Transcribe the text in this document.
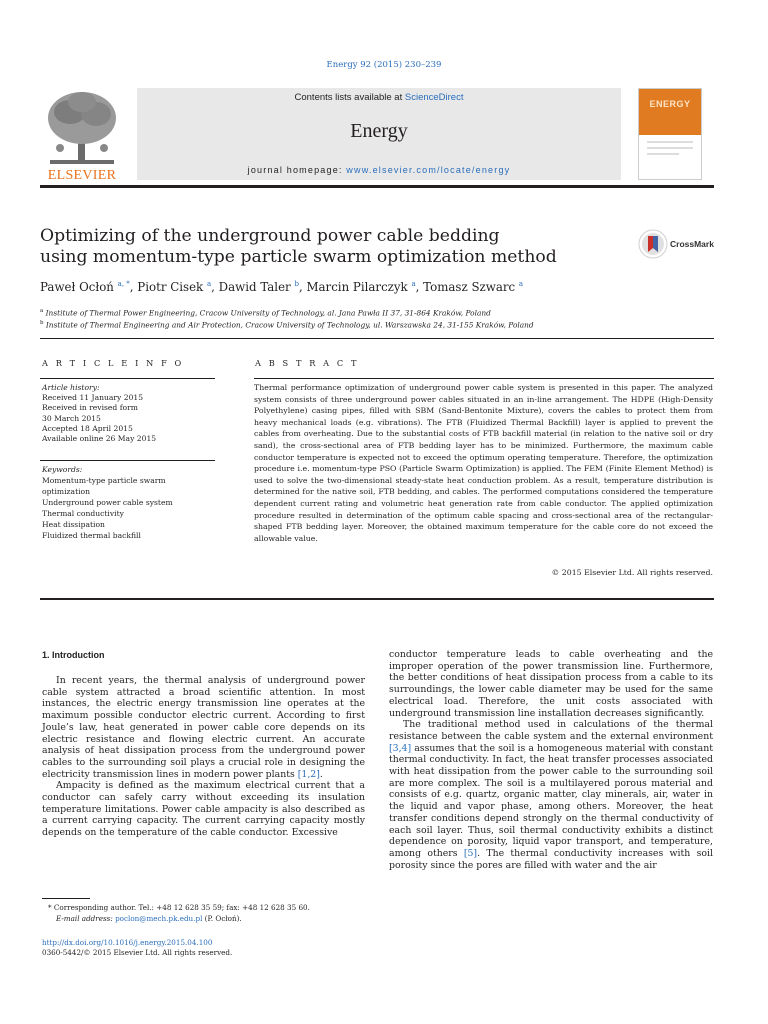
Energy 92 (2015) 230–239
ELSEVIER
Contents lists available at ScienceDirect
Energy
journal homepage: www.elsevier.com/locate/energy
ENERGY
Optimizing of the underground power cable bedding
using momentum-type particle swarm optimization method
CrossMark
Paweł Ocłoń $^{a, *}$, Piotr Cisek $^a$, Dawid Taler $^b$, Marcin Pilarczyk $^a$, Tomasz Szwarc $^a$
$^a$ Institute of Thermal Power Engineering, Cracow University of Technology, al. Jana Pawła II 37, 31-864 Kraków, Poland
$^b$ Institute of Thermal Engineering and Air Protection, Cracow University of Technology, ul. Warszawska 24, 31-155 Kraków, Poland
A R T I C L E I N F O	A B S T R A C T
Article history:
Received 11 January 2015
Received in revised form
30 March 2015
Accepted 18 April 2015
Available online 26 May 2015
Keywords:
Momentum-type particle swarm
optimization
Underground power cable system
Thermal conductivity
Heat dissipation
Fluidized thermal backfill
Thermal performance optimization of underground power cable system is presented in this paper. The analyzed system consists of three underground power cables situated in an in-line arrangement. The HDPE (High-Density Polyethylene) casing pipes, filled with SBM (Sand-Bentonite Mixture), covers the cables to protect them from heavy mechanical loads (e.g. vibrations). The FTB (Fluidized Thermal Backfill) layer is applied to prevent the cables from overheating. Due to the substantial costs of FTB backfill material (in relation to the native soil or dry sand), the cross-sectional area of FTB bedding layer has to be minimized. Furthermore, the maximum cable conductor temperature is expected not to exceed the optimum operating temperature. Therefore, the optimization procedure i.e. momentum-type PSO (Particle Swarm Optimization) is applied. The FEM (Finite Element Method) is used to solve the two-dimensional steady-state heat conduction problem. As a result, temperature distribution is determined for the native soil, FTB bedding, and cables. The performed computations considered the temperature dependent current rating and volumetric heat generation rate from cable conductor. The applied optimization procedure resulted in determination of the optimum cable spacing and cross-sectional area of the rectangular-shaped FTB bedding layer. Moreover, the obtained maximum temperature for the cable core do not exceed the allowable value.
© 2015 Elsevier Ltd. All rights reserved.
1. Introduction

In recent years, the thermal analysis of underground power cable system attracted a broad scientific attention. In most instances, the electric energy transmission line operates at the maximum possible conductor electric current. According to first Joule’s law, heat generated in power cable core depends on its electric resistance and flowing electric current. An accurate analysis of heat dissipation process from the underground power cables to the surrounding soil plays a crucial role in designing the electricity transmission lines in modern power plants [1,2].

Ampacity is defined as the maximum electrical current that a conductor can safely carry without exceeding its insulation temperature limitations. Power cable ampacity is also described as a current carrying capacity. The current carrying capacity mostly depends on the temperature of the cable conductor. Excessive

conductor temperature leads to cable overheating and the improper operation of the power transmission line. Furthermore, the better conditions of heat dissipation process from a cable to its surroundings, the lower cable diameter may be used for the same electrical load. Therefore, the unit costs associated with underground transmission line installation decreases significantly.

The traditional method used in calculations of the thermal resistance between the cable system and the external environment [3,4] assumes that the soil is a homogeneous material with constant thermal conductivity. In fact, the heat transfer processes associated with heat dissipation from the power cable to the surrounding soil are more complex. The soil is a multilayered porous material and consists of e.g. quartz, organic matter, clay minerals, air, water in the liquid and vapor phase, among others. Moreover, the heat transfer conditions depend strongly on the thermal conductivity of each soil layer. Thus, soil thermal conductivity exhibits a distinct dependence on porosity, liquid vapor transport, and temperature, among others [5]. The thermal conductivity increases with soil porosity since the pores are filled with water and the air

* Corresponding author. Tel.: +48 12 628 35 59; fax: +48 12 628 35 60.
E-mail address: poclon@mech.pk.edu.pl (P. Ocłoń).
http://dx.doi.org/10.1016/j.energy.2015.04.100
0360-5442/© 2015 Elsevier Ltd. All rights reserved.
